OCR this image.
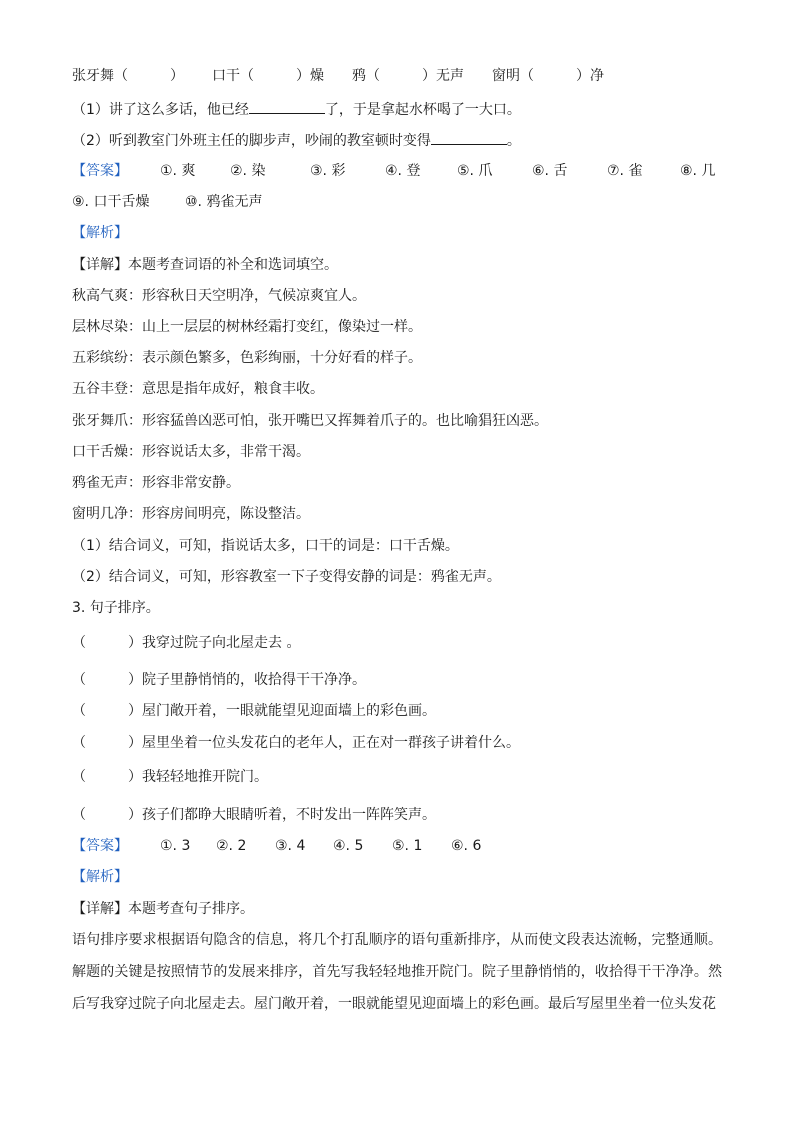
张牙舞（　　　） 口干（　　　）燥 鸦（　　　）无声 窗明（　　　）净
（1）讲了这么多话，他已经	了，于是拿起水杯喝了一大口。
（2）听到教室门外班主任的脚步声，吵闹的教室顿时变得	。
【答案】 ①. 爽 ②. 染	③. 彩	④. 登	⑤. 爪	⑥. 舌	⑦. 雀	⑧. 几
⑨. 口干舌燥	⑩. 鸦雀无声
【解析】
【详解】本题考查词语的补全和选词填空。
秋高气爽：形容秋日天空明净，气候凉爽宜人。
层林尽染：山上一层层的树林经霜打变红，像染过一样。
五彩缤纷：表示颜色繁多，色彩绚丽，十分好看的样子。
五谷丰登：意思是指年成好，粮食丰收。
张牙舞爪：形容猛兽凶恶可怕，张开嘴巴又挥舞着爪子的。也比喻猖狂凶恶。
口干舌燥：形容说话太多，非常干渴。
鸦雀无声：形容非常安静。
窗明几净：形容房间明亮，陈设整洁。
（1）结合词义，可知，指说话太多，口干的词是：口干舌燥。
（2）结合词义，可知，形容教室一下子变得安静的词是：鸦雀无声。
3. 句子排序。
（　　　）我穿过院子向北屋走去 。
（　　　）院子里静悄悄的，收拾得干干净净。
（　　　）屋门敞开着，一眼就能望见迎面墙上的彩色画。
（　　　）屋里坐着一位头发花白的老年人，正在对一群孩子讲着什么。
（　　　）我轻轻地推开院门。
（　　　）孩子们都睁大眼睛听着，不时发出一阵阵笑声。
【答案】 ①. 3 ②. 2 ③. 4 ④. 5 ⑤. 1 ⑥. 6
【解析】
【详解】本题考查句子排序。
语句排序要求根据语句隐含的信息，将几个打乱顺序的语句重新排序，从而使文段表达流畅，完整通顺。解题的关键是按照情节的发展来排序，首先写我轻轻地推开院门。院子里静悄悄的，收拾得干干净净。然后写我穿过院子向北屋走去。屋门敞开着，一眼就能望见迎面墙上的彩色画。最后写屋里坐着一位头发花
